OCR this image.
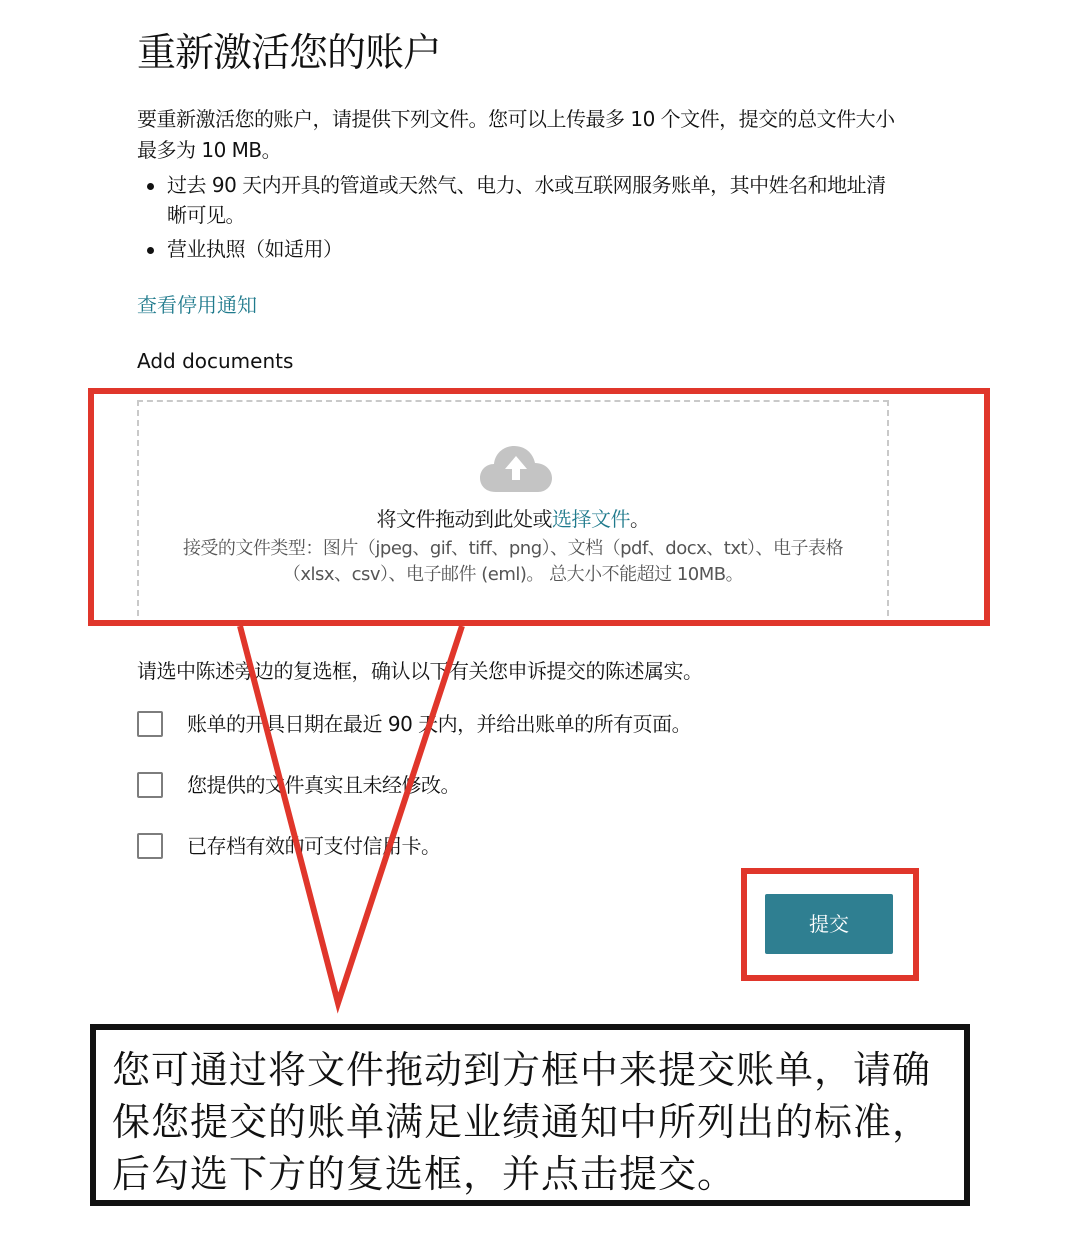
重新激活您的账户
要重新激活您的账户，请提供下列文件。您可以上传最多 10 个文件，提交的总文件大小最多为 10 MB。
过去 90 天内开具的管道或天然气、电力、水或互联网服务账单，其中姓名和地址清晰可见。
营业执照（如适用）
查看停用通知
Add documents
将文件拖动到此处或选择文件。
接受的文件类型：图片（jpeg、gif、tiff、png）、文档（pdf、docx、txt）、电子表格（xlsx、csv）、电子邮件 (eml)。 总大小不能超过 10MB。
请选中陈述旁边的复选框，确认以下有关您申诉提交的陈述属实。
账单的开具日期在最近 90 天内，并给出账单的所有页面。
您提供的文件真实且未经修改。
已存档有效的可支付信用卡。
提交
您可通过将文件拖动到方框中来提交账单，请确保您提交的账单满足业绩通知中所列出的标准，后勾选下方的复选框，并点击提交。
